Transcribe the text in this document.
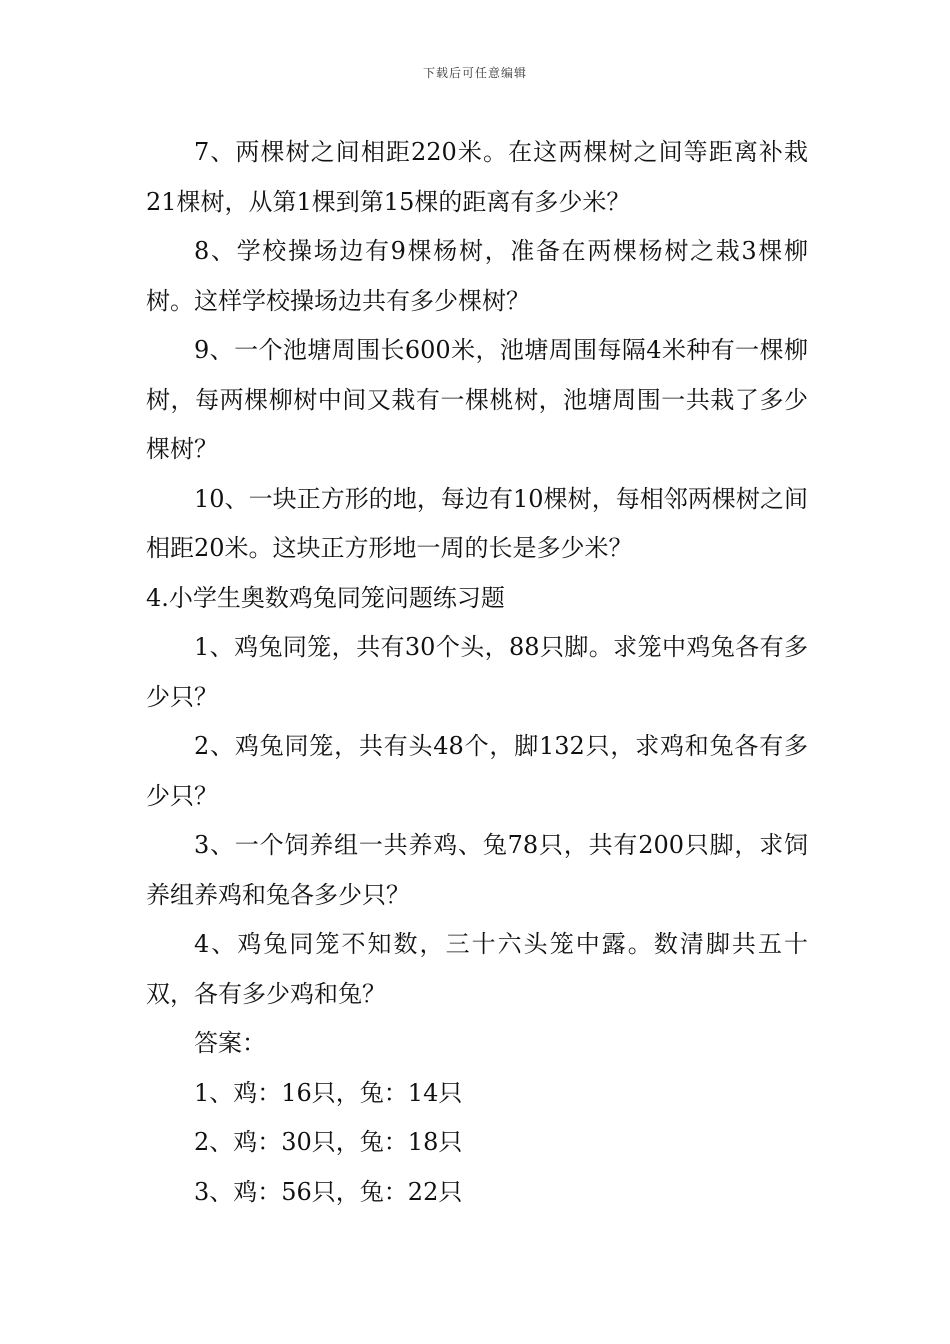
下载后可任意编辑

7、两棵树之间相距220米。在这两棵树之间等距离补栽21棵树，从第1棵到第15棵的距离有多少米？

8、学校操场边有9棵杨树，准备在两棵杨树之栽3棵柳树。这样学校操场边共有多少棵树？

9、一个池塘周围长600米，池塘周围每隔4米种有一棵柳树，每两棵柳树中间又栽有一棵桃树，池塘周围一共栽了多少棵树？

10、一块正方形的地，每边有10棵树，每相邻两棵树之间相距20米。这块正方形地一周的长是多少米？

4.小学生奥数鸡兔同笼问题练习题

1、鸡兔同笼，共有30个头，88只脚。求笼中鸡兔各有多少只？

2、鸡兔同笼，共有头48个，脚132只，求鸡和兔各有多少只？

3、一个饲养组一共养鸡、兔78只，共有200只脚，求饲养组养鸡和兔各多少只？

4、鸡兔同笼不知数，三十六头笼中露。数清脚共五十双，各有多少鸡和兔？

答案：

1、鸡：16只，兔：14只

2、鸡：30只，兔：18只

3、鸡：56只，兔：22只
